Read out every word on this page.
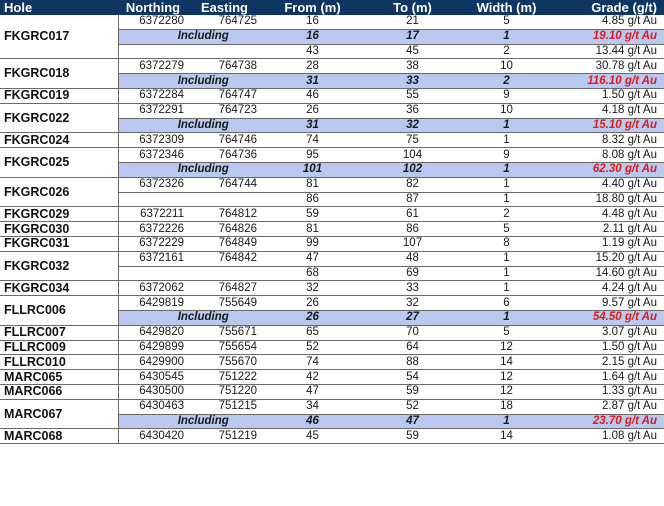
Hole	Northing	Easting	From (m)	To (m)	Width (m)	Grade (g/t)
FKGRC017	6372280	764725	16	21	5	4.85 g/t Au
	Including		16	17	1	19.10 g/t Au
			43	45	2	13.44 g/t Au
FKGRC018	6372279	764738	28	38	10	30.78 g/t Au
	Including		31	33	2	116.10 g/t Au
FKGRC019	6372284	764747	46	55	9	1.50 g/t Au
FKGRC022	6372291	764723	26	36	10	4.18 g/t Au
	Including		31	32	1	15.10 g/t Au
FKGRC024	6372309	764746	74	75	1	8.32 g/t Au
FKGRC025	6372346	764736	95	104	9	8.08 g/t Au
	Including		101	102	1	62.30 g/t Au
FKGRC026	6372326	764744	81	82	1	4.40 g/t Au
			86	87	1	18.80 g/t Au
FKGRC029	6372211	764812	59	61	2	4.48 g/t Au
FKGRC030	6372226	764826	81	86	5	2.11 g/t Au
FKGRC031	6372229	764849	99	107	8	1.19 g/t Au
FKGRC032	6372161	764842	47	48	1	15.20 g/t Au
			68	69	1	14.60 g/t Au
FKGRC034	6372062	764827	32	33	1	4.24 g/t Au
FLLRC006	6429819	755649	26	32	6	9.57 g/t Au
	Including		26	27	1	54.50 g/t Au
FLLRC007	6429820	755671	65	70	5	3.07 g/t Au
FLLRC009	6429899	755654	52	64	12	1.50 g/t Au
FLLRC010	6429900	755670	74	88	14	2.15 g/t Au
MARC065	6430545	751222	42	54	12	1.64 g/t Au
MARC066	6430500	751220	47	59	12	1.33 g/t Au
MARC067	6430463	751215	34	52	18	2.87 g/t Au
	Including		46	47	1	23.70 g/t Au
MARC068	6430420	751219	45	59	14	1.08 g/t Au
